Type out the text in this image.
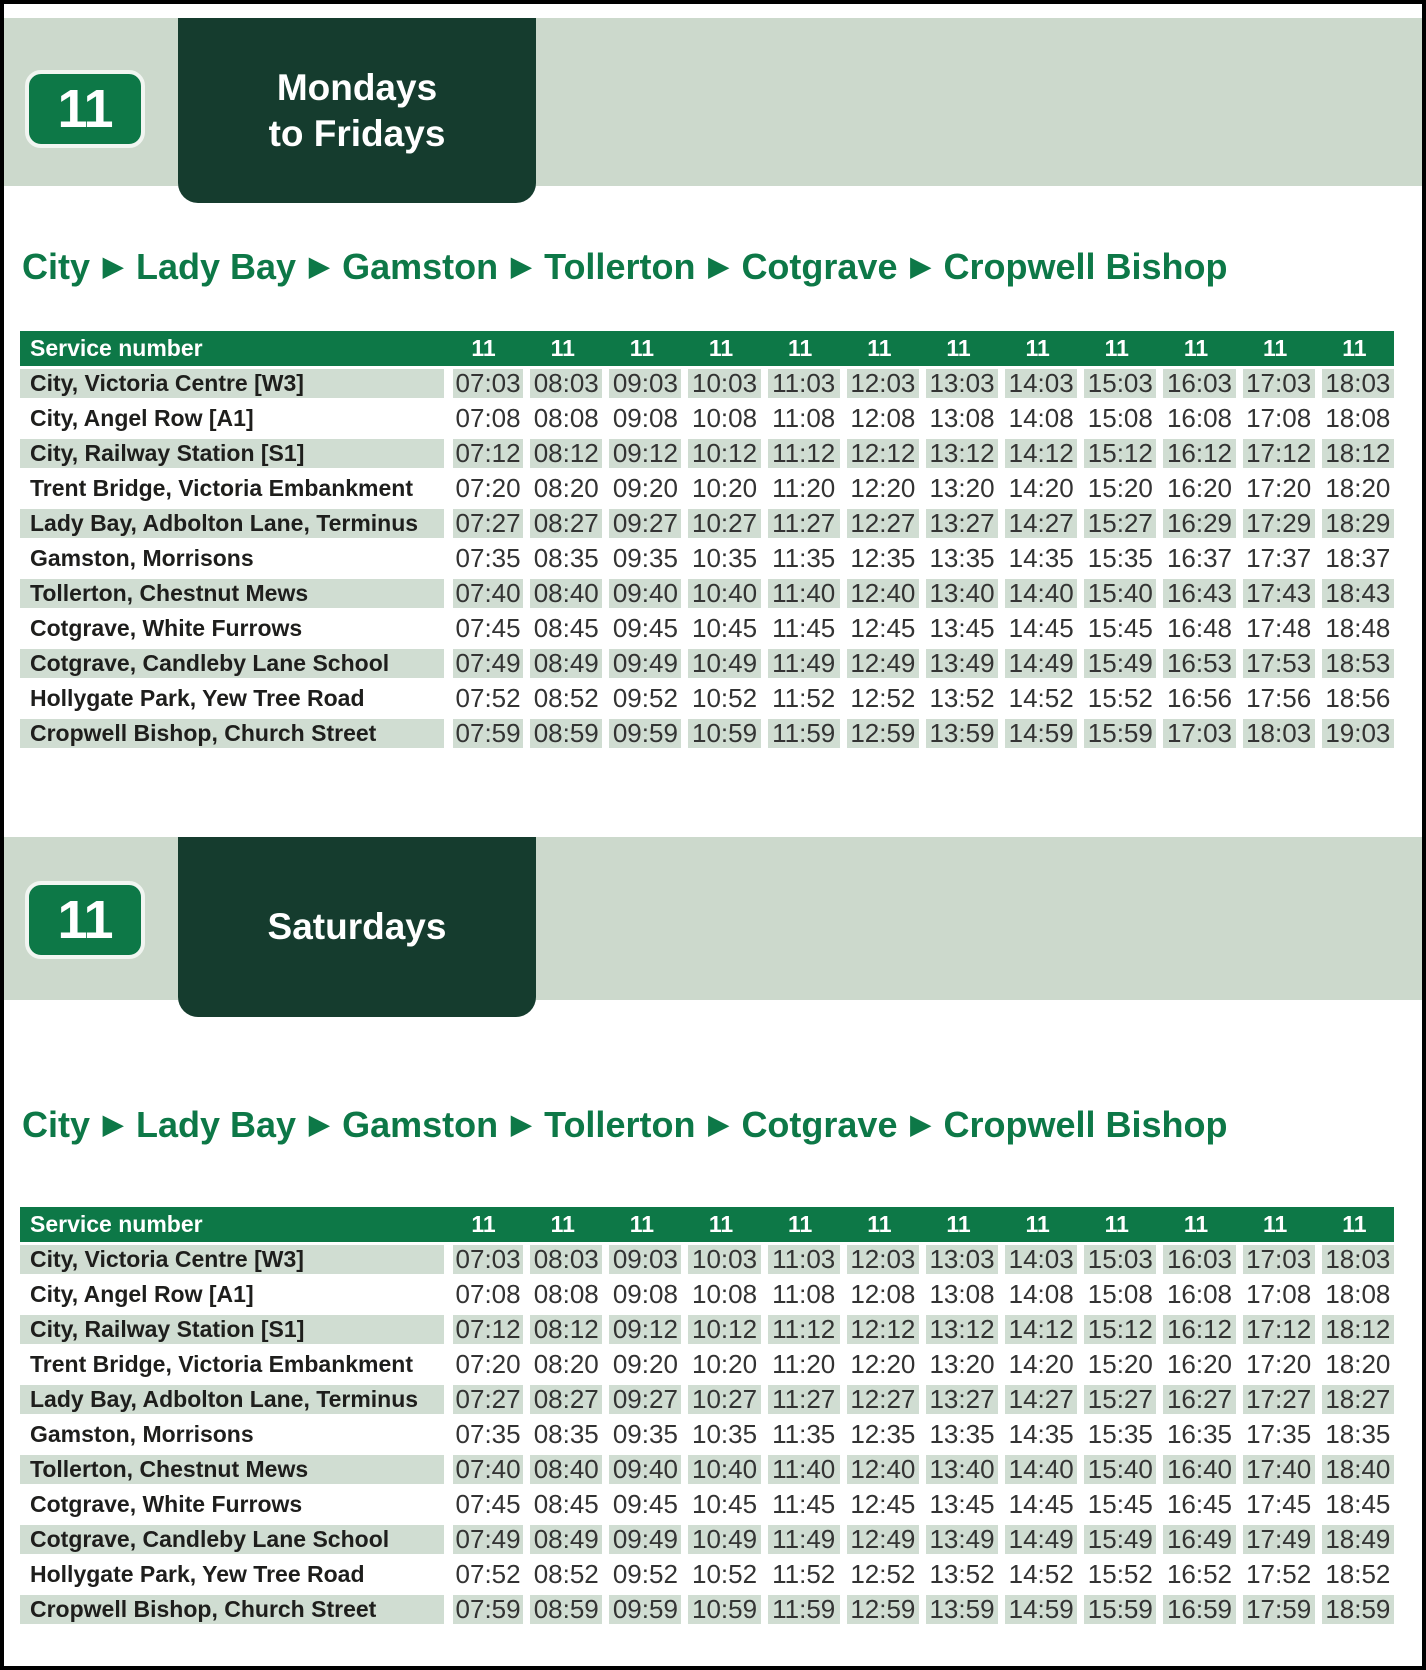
Mondays
to Fridays
11
City ▶ Lady Bay ▶ Gamston ▶ Tollerton ▶ Cotgrave ▶ Cropwell Bishop
Service number	11	11	11	11	11	11	11	11	11	11	11	11
City, Victoria Centre [W3]	07:03	08:03	09:03	10:03	11:03	12:03	13:03	14:03	15:03	16:03	17:03	18:03
City, Angel Row [A1]	07:08	08:08	09:08	10:08	11:08	12:08	13:08	14:08	15:08	16:08	17:08	18:08
City, Railway Station [S1]	07:12	08:12	09:12	10:12	11:12	12:12	13:12	14:12	15:12	16:12	17:12	18:12
Trent Bridge, Victoria Embankment	07:20	08:20	09:20	10:20	11:20	12:20	13:20	14:20	15:20	16:20	17:20	18:20
Lady Bay, Adbolton Lane, Terminus	07:27	08:27	09:27	10:27	11:27	12:27	13:27	14:27	15:27	16:29	17:29	18:29
Gamston, Morrisons	07:35	08:35	09:35	10:35	11:35	12:35	13:35	14:35	15:35	16:37	17:37	18:37
Tollerton, Chestnut Mews	07:40	08:40	09:40	10:40	11:40	12:40	13:40	14:40	15:40	16:43	17:43	18:43
Cotgrave, White Furrows	07:45	08:45	09:45	10:45	11:45	12:45	13:45	14:45	15:45	16:48	17:48	18:48
Cotgrave, Candleby Lane School	07:49	08:49	09:49	10:49	11:49	12:49	13:49	14:49	15:49	16:53	17:53	18:53
Hollygate Park, Yew Tree Road	07:52	08:52	09:52	10:52	11:52	12:52	13:52	14:52	15:52	16:56	17:56	18:56
Cropwell Bishop, Church Street	07:59	08:59	09:59	10:59	11:59	12:59	13:59	14:59	15:59	17:03	18:03	19:03
Saturdays
11
City ▶ Lady Bay ▶ Gamston ▶ Tollerton ▶ Cotgrave ▶ Cropwell Bishop
Service number	11	11	11	11	11	11	11	11	11	11	11	11
City, Victoria Centre [W3]	07:03	08:03	09:03	10:03	11:03	12:03	13:03	14:03	15:03	16:03	17:03	18:03
City, Angel Row [A1]	07:08	08:08	09:08	10:08	11:08	12:08	13:08	14:08	15:08	16:08	17:08	18:08
City, Railway Station [S1]	07:12	08:12	09:12	10:12	11:12	12:12	13:12	14:12	15:12	16:12	17:12	18:12
Trent Bridge, Victoria Embankment	07:20	08:20	09:20	10:20	11:20	12:20	13:20	14:20	15:20	16:20	17:20	18:20
Lady Bay, Adbolton Lane, Terminus	07:27	08:27	09:27	10:27	11:27	12:27	13:27	14:27	15:27	16:27	17:27	18:27
Gamston, Morrisons	07:35	08:35	09:35	10:35	11:35	12:35	13:35	14:35	15:35	16:35	17:35	18:35
Tollerton, Chestnut Mews	07:40	08:40	09:40	10:40	11:40	12:40	13:40	14:40	15:40	16:40	17:40	18:40
Cotgrave, White Furrows	07:45	08:45	09:45	10:45	11:45	12:45	13:45	14:45	15:45	16:45	17:45	18:45
Cotgrave, Candleby Lane School	07:49	08:49	09:49	10:49	11:49	12:49	13:49	14:49	15:49	16:49	17:49	18:49
Hollygate Park, Yew Tree Road	07:52	08:52	09:52	10:52	11:52	12:52	13:52	14:52	15:52	16:52	17:52	18:52
Cropwell Bishop, Church Street	07:59	08:59	09:59	10:59	11:59	12:59	13:59	14:59	15:59	16:59	17:59	18:59
